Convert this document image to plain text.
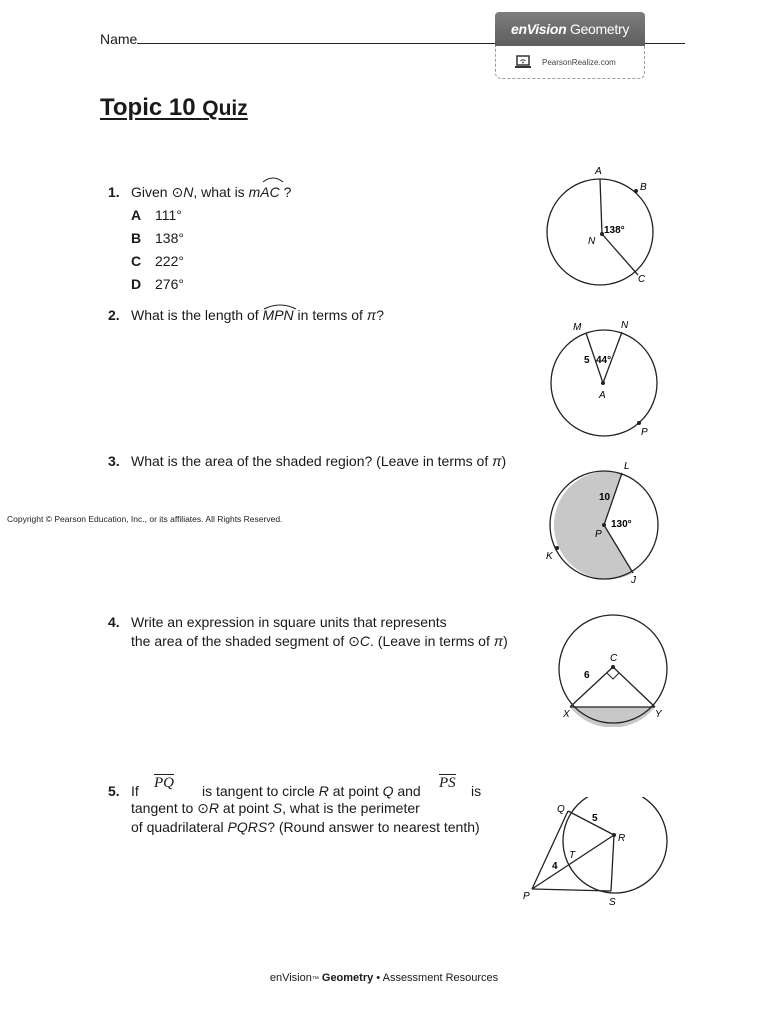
Name
enVision Geometry
PearsonRealize.com
Topic 10 Quiz
1. Given ⊙N, what is mAC
?
A 111°
B 138°
C 222°
D 276°
A
B
N
C
138°
2. What is the length of MPN
in terms of π?
M	N
A
P
5 44°
3. What is the area of the shaded region? (Leave in terms of π)
Copyright © Pearson Education, Inc., or its affiliates. All Rights Reserved.
L
P
K
J
10
130°
4. Write an expression in square units that represents
the area of the shaded segment of ⊙C. (Leave in terms of π)
C
X	Y
6
5. If PQ is tangent to circle R at point Q and PS is
tangent to ⊙R at point S, what is the perimeter
of quadrilateral PQRS? (Round answer to nearest tenth)
Q
R
T
P
S
5
4
enVision™ Geometry • Assessment Resources
